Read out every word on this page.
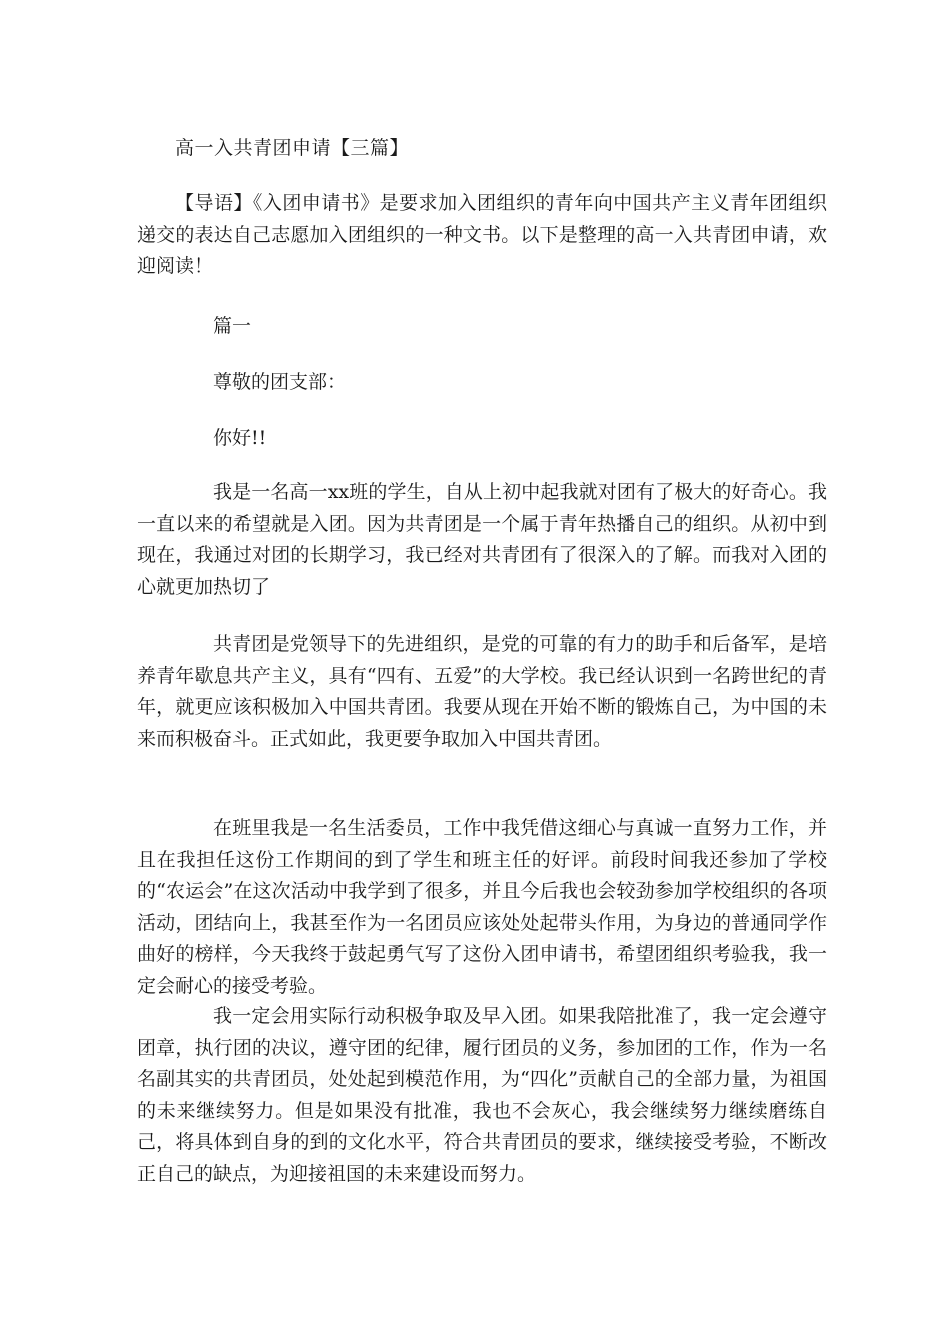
高一入共青团申请【三篇】
【导语】《入团申请书》是要求加入团组织的青年向中国共产主义青年团组织递交的表达自己志愿加入团组织的一种文书。以下是整理的高一入共青团申请，欢迎阅读！
篇一
尊敬的团支部：
你好!!
我是一名高一xx班的学生，自从上初中起我就对团有了极大的好奇心。我一直以来的希望就是入团。因为共青团是一个属于青年热播自己的组织。从初中到现在，我通过对团的长期学习，我已经对共青团有了很深入的了解。而我对入团的心就更加热切了
共青团是党领导下的先进组织，是党的可靠的有力的助手和后备军，是培养青年歇息共产主义，具有“四有、五爱”的大学校。我已经认识到一名跨世纪的青年，就更应该积极加入中国共青团。我要从现在开始不断的锻炼自己，为中国的未来而积极奋斗。正式如此，我更要争取加入中国共青团。
在班里我是一名生活委员，工作中我凭借这细心与真诚一直努力工作，并且在我担任这份工作期间的到了学生和班主任的好评。前段时间我还参加了学校的“农运会”在这次活动中我学到了很多，并且今后我也会较劲参加学校组织的各项活动，团结向上，我甚至作为一名团员应该处处起带头作用，为身边的普通同学作曲好的榜样，今天我终于鼓起勇气写了这份入团申请书，希望团组织考验我，我一定会耐心的接受考验。
我一定会用实际行动积极争取及早入团。如果我陪批准了，我一定会遵守团章，执行团的决议，遵守团的纪律，履行团员的义务，参加团的工作，作为一名名副其实的共青团员，处处起到模范作用，为“四化”贡献自己的全部力量，为祖国的未来继续努力。但是如果没有批准，我也不会灰心，我会继续努力继续磨练自己，将具体到自身的到的文化水平，符合共青团员的要求，继续接受考验，不断改正自己的缺点，为迎接祖国的未来建设而努力。
